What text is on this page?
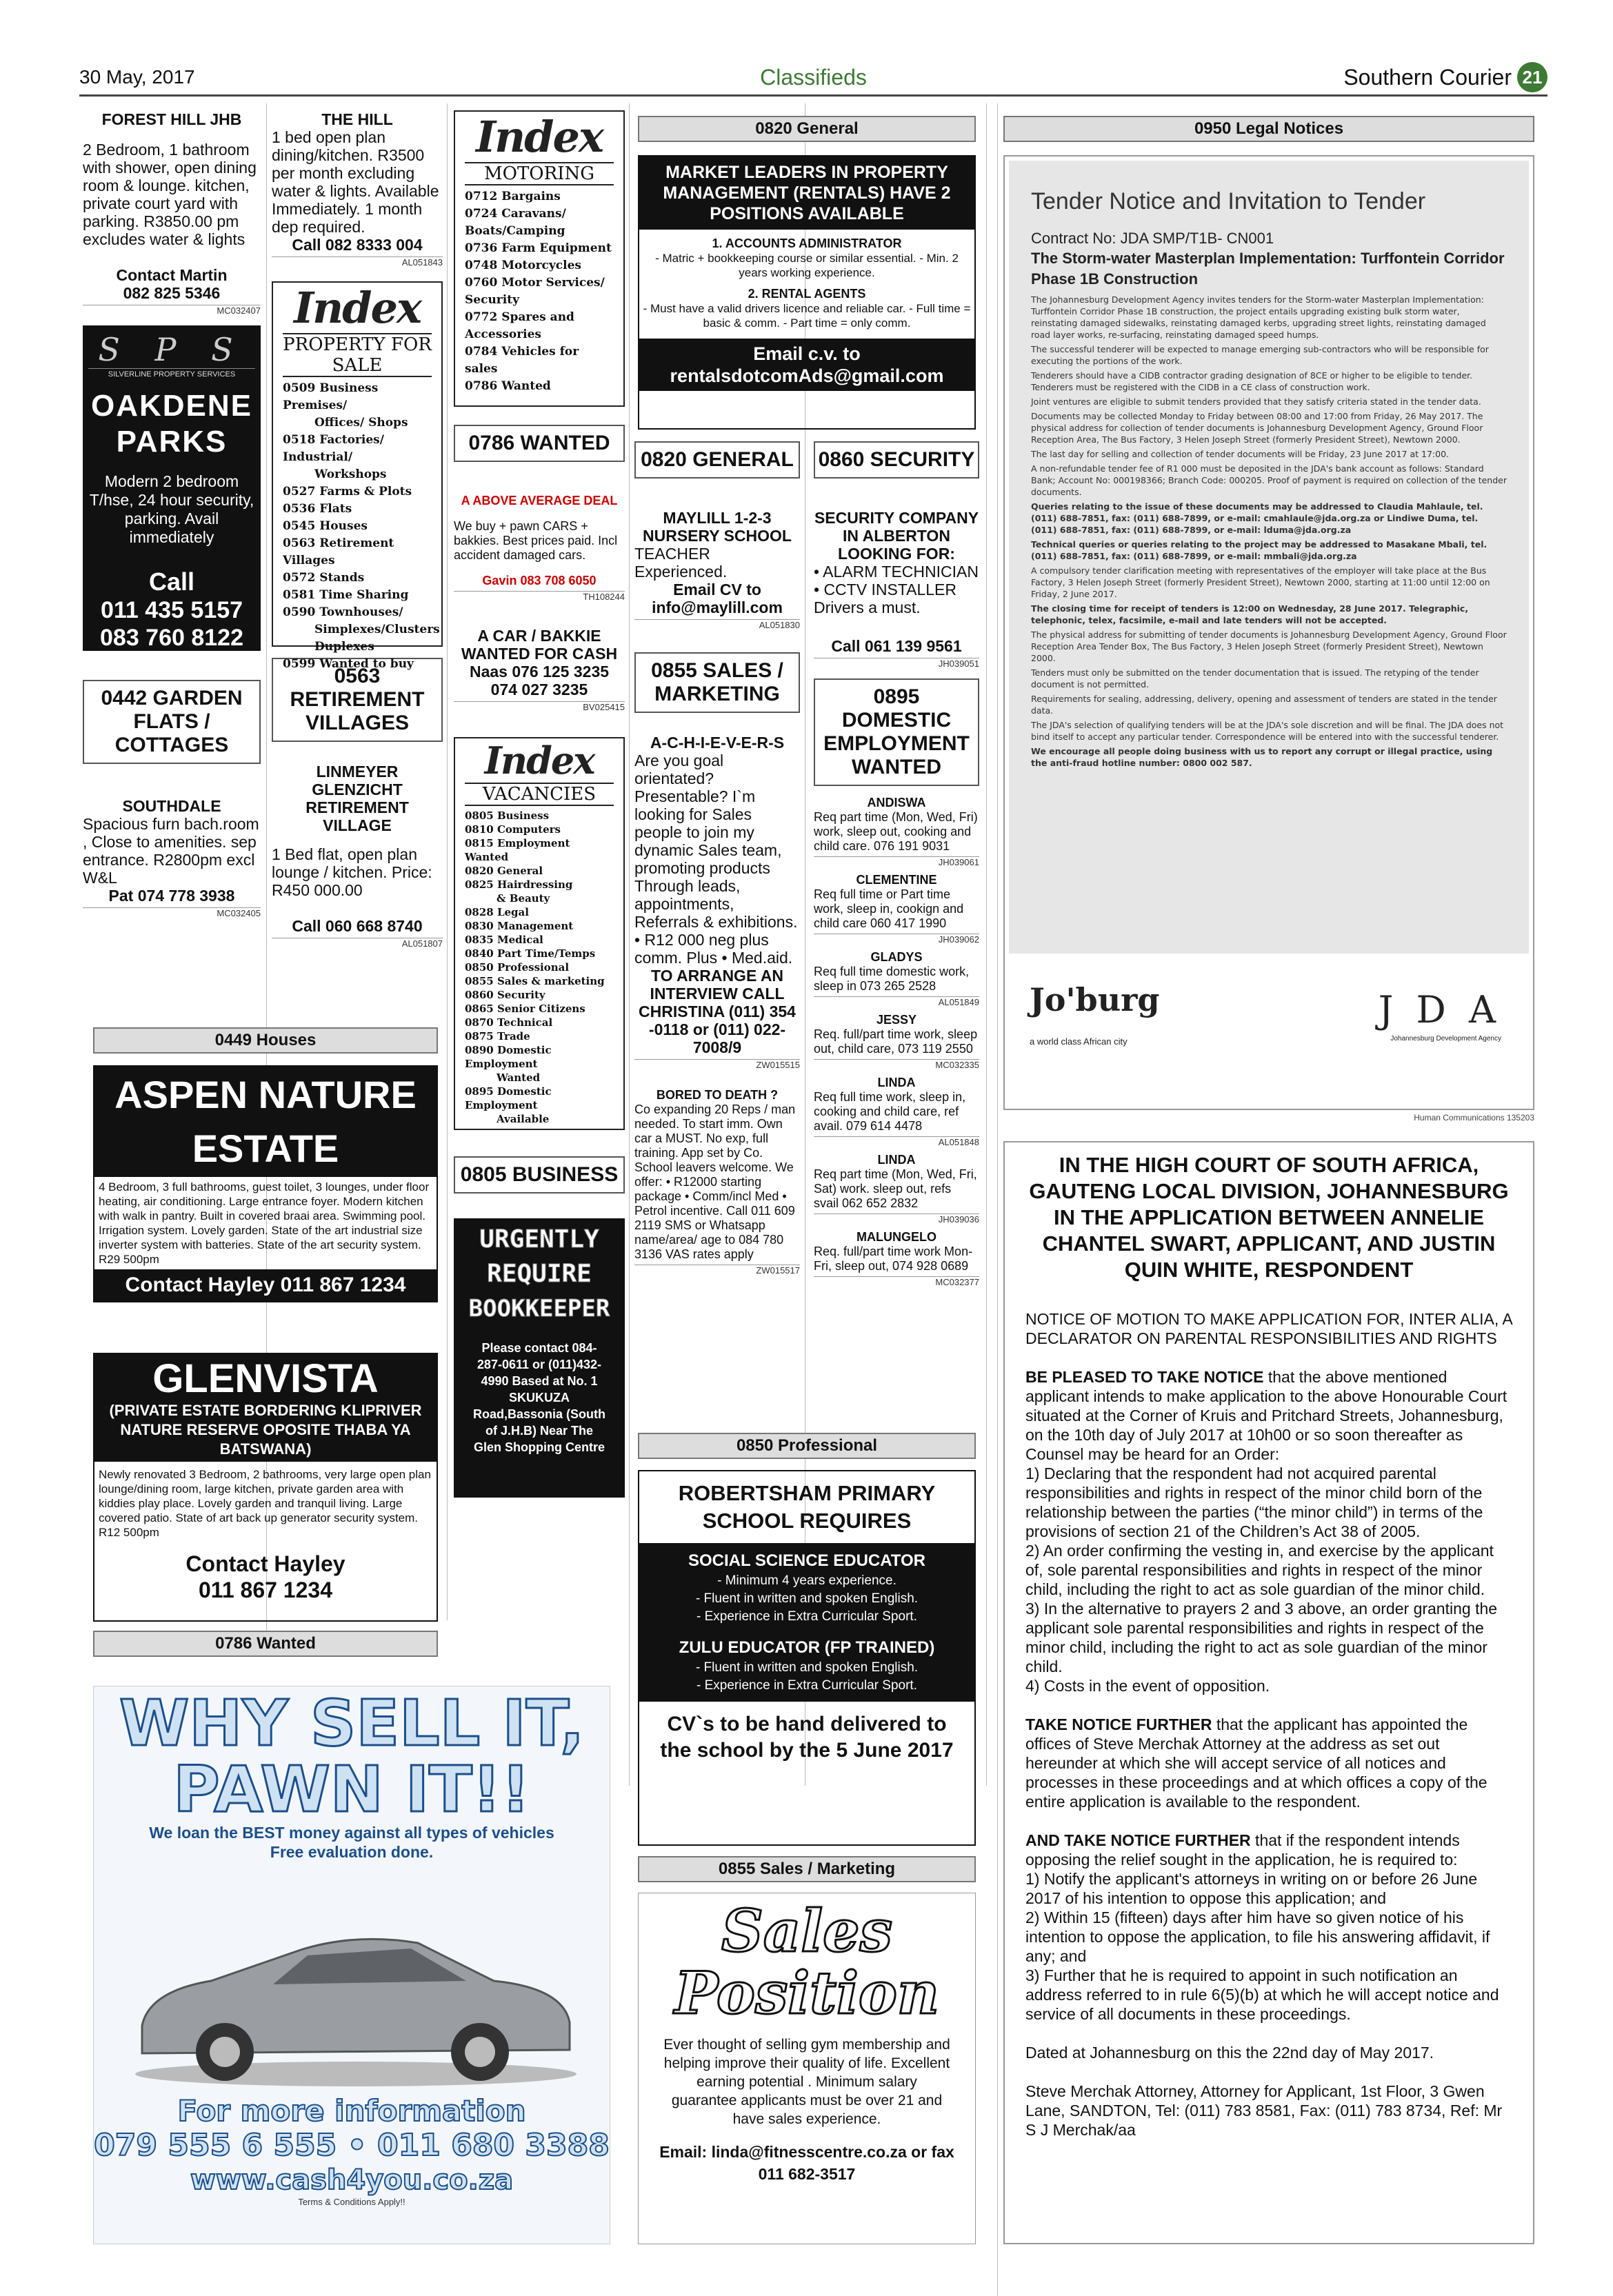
30 May, 2017	Classifieds	Southern Courier 21
FOREST HILL JHB
2 Bedroom, 1 bathroom with shower, open dining room & lounge. kitchen, private court yard with parking. R3850.00 pm excludes water & lights
Contact Martin
082 825 5346
MC032407
S P S
SILVERLINE PROPERTY SERVICES
OAKDENE PARKS
Modern 2 bedroom T/hse, 24 hour security, parking. Avail immediately
Call
011 435 5157
083 760 8122
0442 GARDEN FLATS / COTTAGES
SOUTHDALE
Spacious furn bach.room , Close to amenities. sep entrance. R2800pm excl W&L
Pat 074 778 3938
MC032405
0449 Houses
ASPEN NATURE ESTATE
4 Bedroom, 3 full bathrooms, guest toilet, 3 lounges, under floor heating, air conditioning. Large entrance foyer. Modern kitchen with walk in pantry. Built in covered braai area. Swimming pool. Irrigation system. Lovely garden. State of the art industrial size inverter system with batteries. State of the art security system. R29 500pm
Contact Hayley 011 867 1234
GLENVISTA
(PRIVATE ESTATE BORDERING KLIPRIVER NATURE RESERVE OPOSITE THABA YA BATSWANA)
Newly renovated 3 Bedroom, 2 bathrooms, very large open plan lounge/dining room, large kitchen, private garden area with kiddies play place. Lovely garden and tranquil living. Large covered patio. State of art back up generator security system. R12 500pm
Contact Hayley
011 867 1234
0786 Wanted
WHY SELL IT,
PAWN IT!!
We loan the BEST money against all types of vehicles
Free evaluation done.
For more information
079 555 6 555 • 011 680 3388
www.cash4you.co.za
Terms & Conditions Apply!!
THE HILL
1 bed open plan dining/kitchen. R3500 per month excluding water & lights. Available Immediately. 1 month dep required.
Call 082 8333 004
AL051843
Index
PROPERTY FOR SALE
0509 Business Premises/
Offices/ Shops
0518 Factories/ Industrial/
Workshops
0527 Farms & Plots
0536 Flats
0545 Houses
0563 Retirement Villages
0572 Stands
0581 Time Sharing
0590 Townhouses/
Simplexes/Clusters
Duplexes
0599 Wanted to buy
0563 RETIREMENT VILLAGES
LINMEYER GLENZICHT RETIREMENT VILLAGE
1 Bed flat, open plan lounge / kitchen. Price: R450 000.00
Call 060 668 8740
AL051807
Index
MOTORING
0712 Bargains
0724 Caravans/ Boats/Camping
0736 Farm Equipment
0748 Motorcycles
0760 Motor Services/ Security
0772 Spares and Accessories
0784 Vehicles for sales
0786 Wanted
0786 WANTED
A ABOVE AVERAGE DEAL
We buy + pawn CARS + bakkies. Best prices paid. Incl accident damaged cars.
Gavin 083 708 6050
TH108244
A CAR / BAKKIE WANTED FOR CASH
Naas 076 125 3235
074 027 3235
BV025415
Index
VACANCIES
0805 Business
0810 Computers
0815 Employment Wanted
0820 General
0825 Hairdressing
& Beauty
0828 Legal
0830 Management
0835 Medical
0840 Part Time/Temps
0850 Professional
0855 Sales & marketing
0860 Security
0865 Senior Citizens
0870 Technical
0875 Trade
0890 Domestic Employment
Wanted
0895 Domestic Employment
Available
0805 BUSINESS
URGENTLY
REQUIRE
BOOKKEEPER
Please contact 084-287-0611 or (011)432-4990 Based at No. 1 SKUKUZA Road,Bassonia (South of J.H.B) Near The Glen Shopping Centre
0820 General
MARKET LEADERS IN PROPERTY MANAGEMENT (RENTALS) HAVE 2 POSITIONS AVAILABLE
1. ACCOUNTS ADMINISTRATOR
- Matric + bookkeeping course or similar essential. - Min. 2 years working experience.
2. RENTAL AGENTS
- Must have a valid drivers licence and reliable car. - Full time = basic & comm. - Part time = only comm.
Email c.v. to
rentalsdotcomAds@gmail.com
0820 GENERAL
MAYLILL 1-2-3 NURSERY SCHOOL
TEACHER Experienced.
Email CV to info@maylill.com
AL051830
0855 SALES / MARKETING
A-C-H-I-E-V-E-R-S
Are you goal orientated? Presentable? I`m looking for Sales people to join my dynamic Sales team, promoting products Through leads, appointments, Referrals & exhibitions. • R12 000 neg plus comm. Plus • Med.aid.
TO ARRANGE AN INTERVIEW CALL CHRISTINA (011) 354 -0118 or (011) 022-7008/9
ZW015515
BORED TO DEATH ?
Co expanding 20 Reps / man needed. To start imm. Own car a MUST. No exp, full training. App set by Co. School leavers welcome. We offer: • R12000 starting package • Comm/incl Med • Petrol incentive. Call 011 609 2119 SMS or Whatsapp name/area/ age to 084 780 3136 VAS rates apply
ZW015517
0860 SECURITY
SECURITY COMPANY IN ALBERTON LOOKING FOR:
• ALARM TECHNICIAN • CCTV INSTALLER Drivers a must.
Call 061 139 9561
JH039051
0895 DOMESTIC EMPLOYMENT WANTED
ANDISWA
Req part time (Mon, Wed, Fri) work, sleep out, cooking and child care. 076 191 9031
JH039061
CLEMENTINE
Req full time or Part time work, sleep in, cookign and child care 060 417 1990
JH039062
GLADYS
Req full time domestic work, sleep in 073 265 2528
AL051849
JESSY
Req. full/part time work, sleep out, child care, 073 119 2550
MC032335
LINDA
Req full time work, sleep in, cooking and child care, ref avail. 079 614 4478
AL051848
LINDA
Req part time (Mon, Wed, Fri, Sat) work. sleep out, refs svail 062 652 2832
JH039036
MALUNGELO
Req. full/part time work Mon-Fri, sleep out, 074 928 0689
MC032377
0850 Professional
ROBERTSHAM PRIMARY SCHOOL REQUIRES
SOCIAL SCIENCE EDUCATOR
- Minimum 4 years experience.
- Fluent in written and spoken English.
- Experience in Extra Curricular Sport.
ZULU EDUCATOR (FP TRAINED)
- Fluent in written and spoken English.
- Experience in Extra Curricular Sport.
CV`s to be hand delivered to the school by the 5 June 2017
0855 Sales / Marketing
Sales
Position
Ever thought of selling gym membership and helping improve their quality of life. Excellent earning potential . Minimum salary guarantee applicants must be over 21 and have sales experience.
Email: linda@fitnesscentre.co.za or fax 011 682-3517
0950 Legal Notices
Tender Notice and Invitation to Tender
Contract No: JDA SMP/T1B- CN001
The Storm-water Masterplan Implementation: Turffontein Corridor Phase 1B Construction
The Johannesburg Development Agency invites tenders for the Storm-water Masterplan Implementation: Turffontein Corridor Phase 1B construction, the project entails upgrading existing bulk storm water, reinstating damaged sidewalks, reinstating damaged kerbs, upgrading street lights, reinstating damaged road layer works, re-surfacing, reinstating damaged speed humps.
The successful tenderer will be expected to manage emerging sub-contractors who will be responsible for executing the portions of the work.
Tenderers should have a CIDB contractor grading designation of 8CE or higher to be eligible to tender. Tenderers must be registered with the CIDB in a CE class of construction work.
Joint ventures are eligible to submit tenders provided that they satisfy criteria stated in the tender data.
Documents may be collected Monday to Friday between 08:00 and 17:00 from Friday, 26 May 2017. The physical address for collection of tender documents is Johannesburg Development Agency, Ground Floor Reception Area, The Bus Factory, 3 Helen Joseph Street (formerly President Street), Newtown 2000.
The last day for selling and collection of tender documents will be Friday, 23 June 2017 at 17:00.
A non-refundable tender fee of R1 000 must be deposited in the JDA's bank account as follows: Standard Bank; Account No: 000198366; Branch Code: 000205. Proof of payment is required on collection of the tender documents.
Queries relating to the issue of these documents may be addressed to Claudia Mahlaule, tel. (011) 688-7851, fax: (011) 688-7899, or e-mail: cmahlaule@jda.org.za or Lindiwe Duma, tel. (011) 688-7851, fax: (011) 688-7899, or e-mail: lduma@jda.org.za
Technical queries or queries relating to the project may be addressed to Masakane Mbali, tel. (011) 688-7851, fax: (011) 688-7899, or e-mail: mmbali@jda.org.za
A compulsory tender clarification meeting with representatives of the employer will take place at the Bus Factory, 3 Helen Joseph Street (formerly President Street), Newtown 2000, starting at 11:00 until 12:00 on Friday, 2 June 2017.
The closing time for receipt of tenders is 12:00 on Wednesday, 28 June 2017. Telegraphic, telephonic, telex, facsimile, e-mail and late tenders will not be accepted.
The physical address for submitting of tender documents is Johannesburg Development Agency, Ground Floor Reception Area Tender Box, The Bus Factory, 3 Helen Joseph Street (formerly President Street), Newtown 2000.
Tenders must only be submitted on the tender documentation that is issued. The retyping of the tender document is not permitted.
Requirements for sealing, addressing, delivery, opening and assessment of tenders are stated in the tender data.
The JDA's selection of qualifying tenders will be at the JDA's sole discretion and will be final. The JDA does not bind itself to accept any particular tender. Correspondence will be entered into with the successful tenderer.
We encourage all people doing business with us to report any corrupt or illegal practice, using the anti-fraud hotline number: 0800 002 587.
Jo'burg
a world class African city
J D A
Johannesburg Development Agency
Human Communications 135203
IN THE HIGH COURT OF SOUTH AFRICA, GAUTENG LOCAL DIVISION, JOHANNESBURG IN THE APPLICATION BETWEEN ANNELIE CHANTEL SWART, APPLICANT, AND JUSTIN QUIN WHITE, RESPONDENT
NOTICE OF MOTION TO MAKE APPLICATION FOR, INTER ALIA, A DECLARATOR ON PARENTAL RESPONSIBILITIES AND RIGHTS
BE PLEASED TO TAKE NOTICE that the above mentioned applicant intends to make application to the above Honourable Court situated at the Corner of Kruis and Pritchard Streets, Johannesburg, on the 10th day of July 2017 at 10h00 or so soon thereafter as Counsel may be heard for an Order:
1) Declaring that the respondent had not acquired parental responsibilities and rights in respect of the minor child born of the relationship between the parties (“the minor child”) in terms of the provisions of section 21 of the Children’s Act 38 of 2005.
2) An order confirming the vesting in, and exercise by the applicant of, sole parental responsibilities and rights in respect of the minor child, including the right to act as sole guardian of the minor child.
3) In the alternative to prayers 2 and 3 above, an order granting the applicant sole parental responsibilities and rights in respect of the minor child, including the right to act as sole guardian of the minor child.
4) Costs in the event of opposition.
TAKE NOTICE FURTHER that the applicant has appointed the offices of Steve Merchak Attorney at the address as set out hereunder at which she will accept service of all notices and processes in these proceedings and at which offices a copy of the entire application is available to the respondent.
AND TAKE NOTICE FURTHER that if the respondent intends opposing the relief sought in the application, he is required to:
1) Notify the applicant's attorneys in writing on or before 26 June 2017 of his intention to oppose this application; and
2) Within 15 (fifteen) days after him have so given notice of his intention to oppose the application, to file his answering affidavit, if any; and
3) Further that he is required to appoint in such notification an address referred to in rule 6(5)(b) at which he will accept notice and service of all documents in these proceedings.
Dated at Johannesburg on this the 22nd day of May 2017.
Steve Merchak Attorney, Attorney for Applicant, 1st Floor, 3 Gwen Lane, SANDTON, Tel: (011) 783 8581, Fax: (011) 783 8734, Ref: Mr S J Merchak/aa
